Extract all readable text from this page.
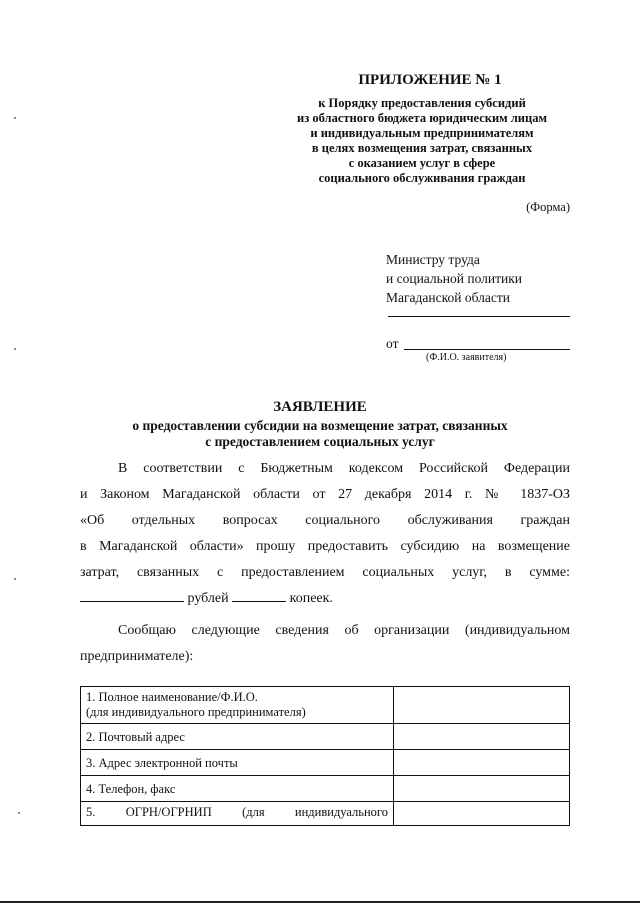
ПРИЛОЖЕНИЕ № 1
к Порядку предоставления субсидий
из областного бюджета юридическим лицам
и индивидуальным предпринимателям
в целях возмещения затрат, связанных
с оказанием услуг в сфере
социального обслуживания граждан
(Форма)
Министру труда
и социальной политики
Магаданской области
от
(Ф.И.О. заявителя)
ЗАЯВЛЕНИЕ
о предоставлении субсидии на возмещение затрат, связанных
с предоставлением социальных услуг
В соответствии с Бюджетным кодексом Российской Федерации
и Законом Магаданской области от 27 декабря 2014 г. № 1837-ОЗ
«Об отдельных вопросах социального обслуживания граждан
в Магаданской области» прошу предоставить субсидию на возмещение
затрат, связанных с предоставлением социальных услуг, в сумме:
рублей	копеек.
Сообщаю следующие сведения об организации (индивидуальном
предпринимателе):
1. Полное наименование/Ф.И.О.
(для индивидуального предпринимателя)	

2. Почтовый адрес	

3. Адрес электронной почты	

4. Телефон, факс	

5. ОГРН/ОГРНИП (для индивидуального	
